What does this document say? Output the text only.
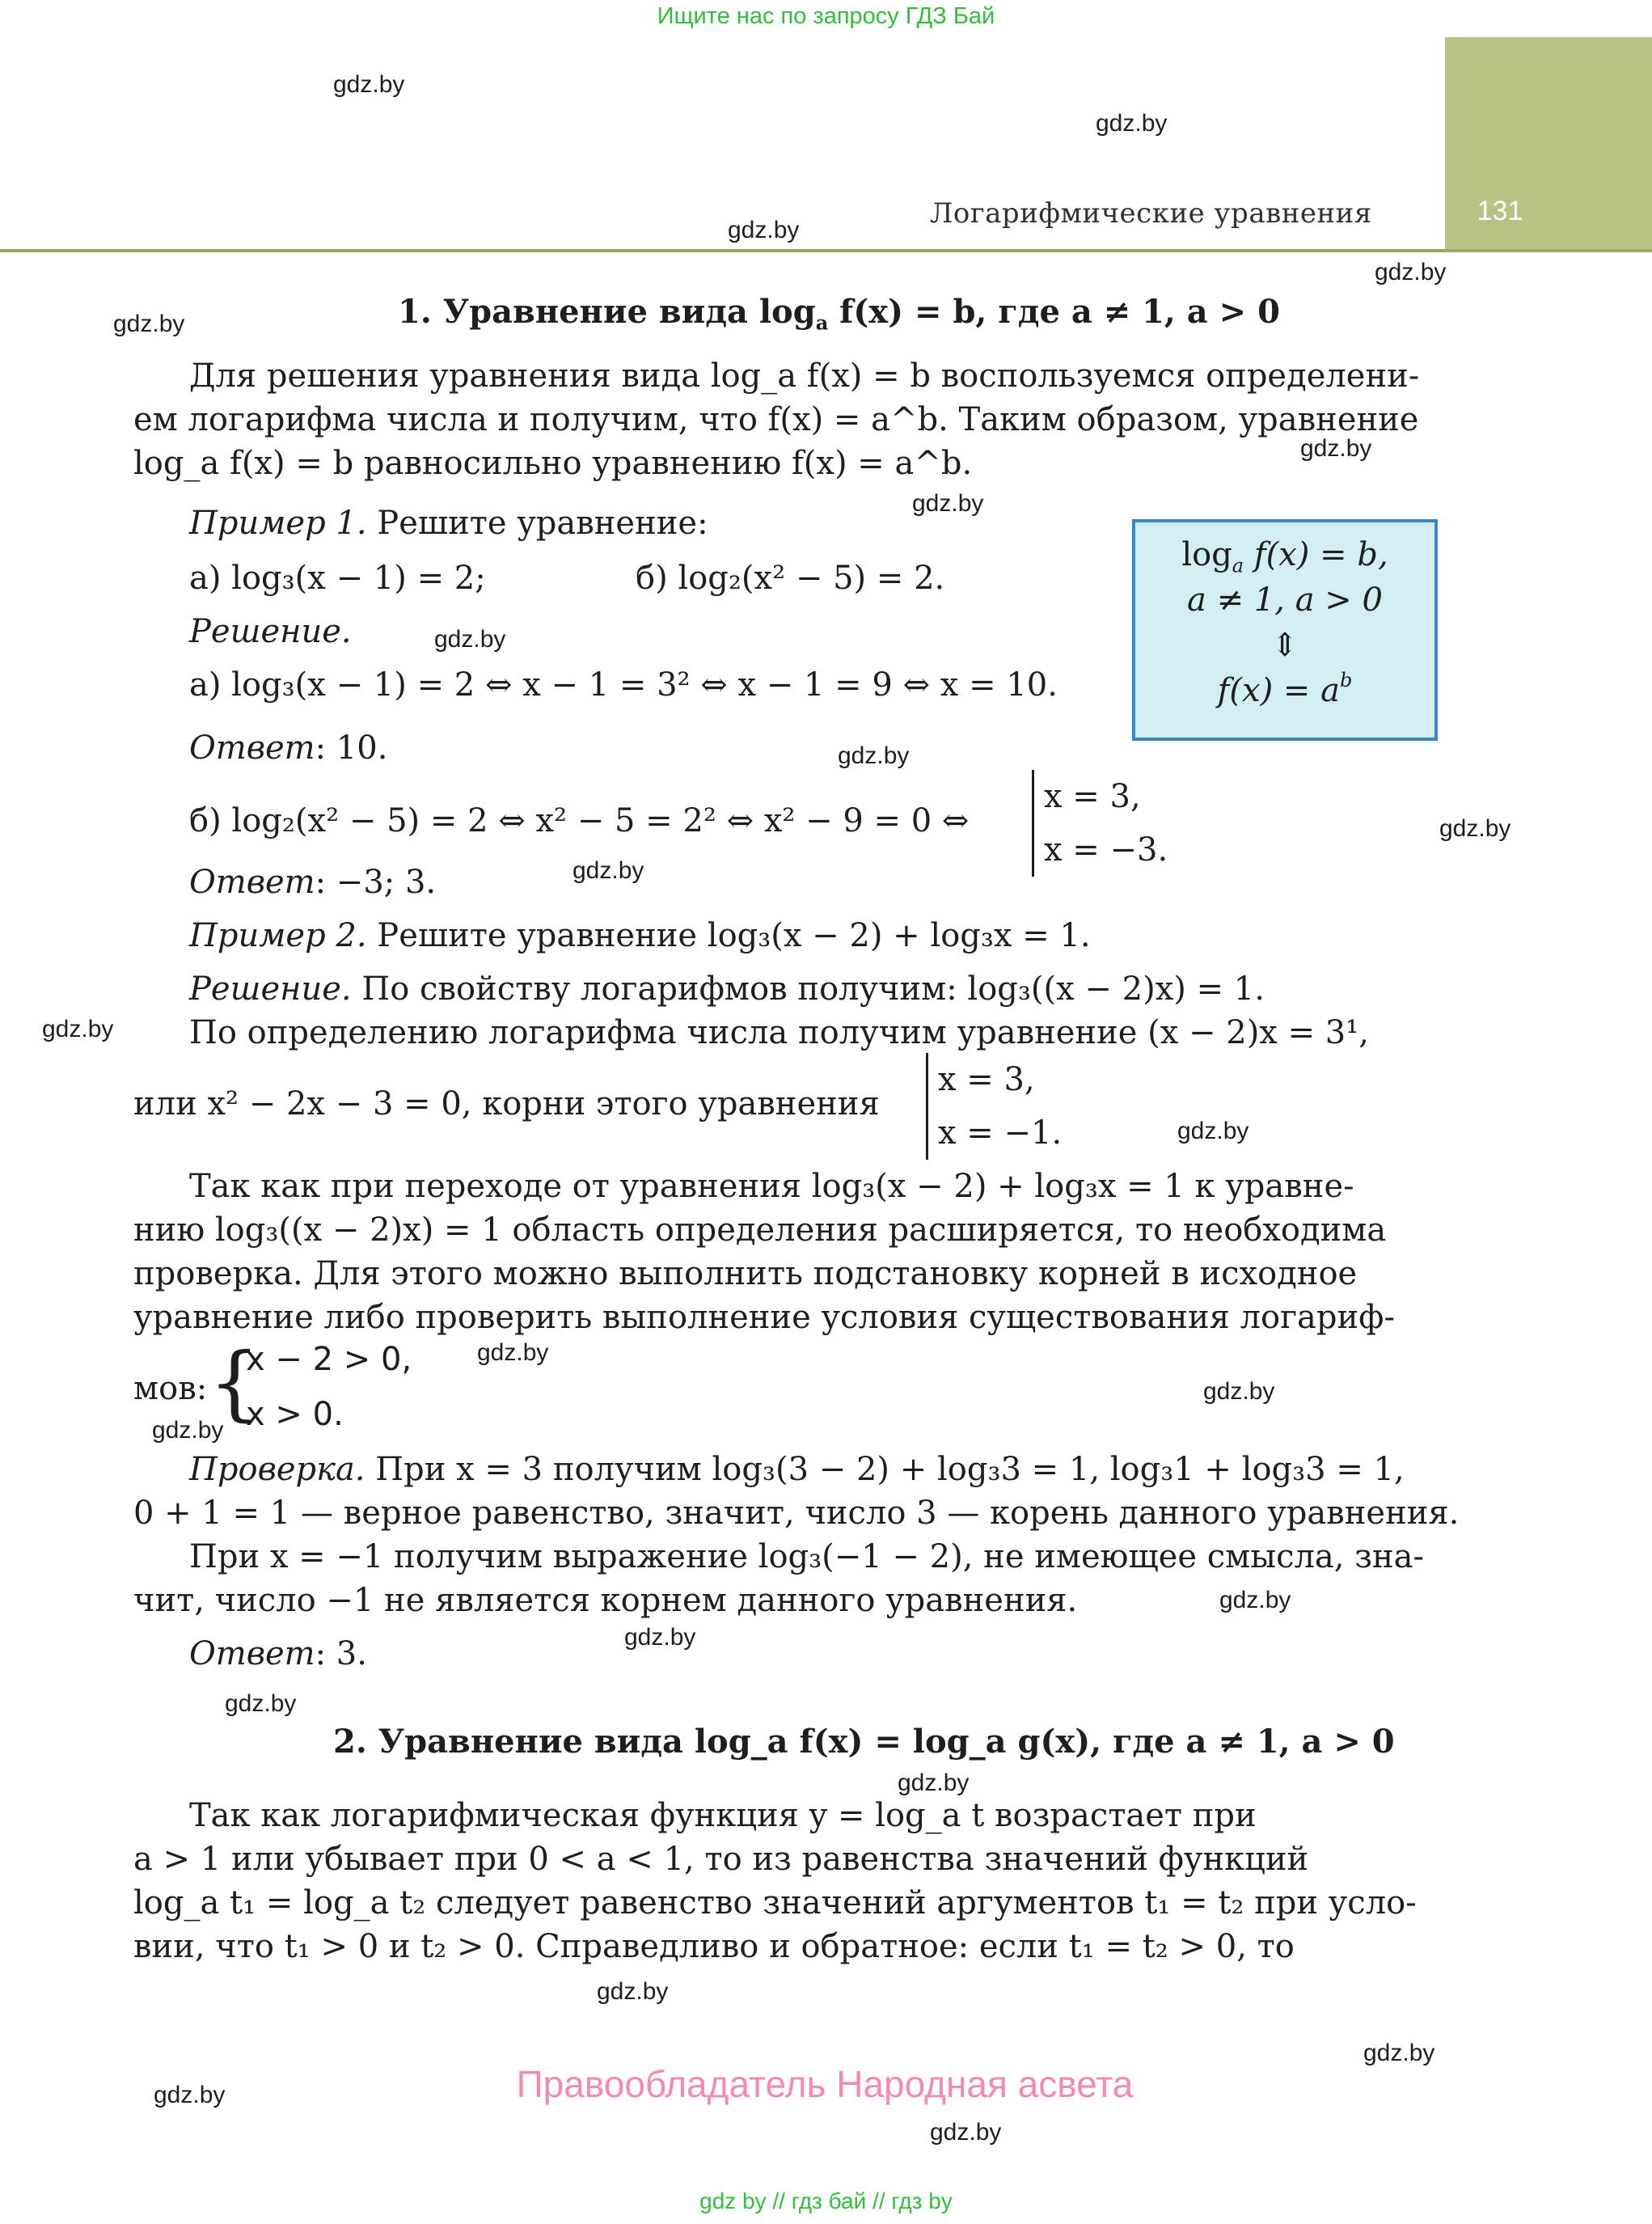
Ищите нас по запросу ГДЗ Бай
131
Логарифмические уравнения
gdz.by
gdz.by
gdz.by
gdz.by
gdz.by
gdz.by
gdz.by
gdz.by
gdz.by
gdz.by
gdz.by
gdz.by
gdz.by
gdz.by
gdz.by
gdz.by
gdz.by
gdz.by
gdz.by
gdz.by
gdz.by
gdz.by
gdz.by
gdz.by
1. Уравнение вида $\log_a f(x) = b$, где a ≠ 1, a > 0
Для решения уравнения вида log_a f(x) = b воспользуемся определени-
ем логарифма числа и получим, что f(x) = a^b. Таким образом, уравнение
log_a f(x) = b равносильно уравнению f(x) = a^b.
$\log_a f(x) = b$,
a ≠ 1, a > 0
⇕
$f(x) = a^b$
Пример 1. Решите уравнение:
а) log₃(x − 1) = 2;	б) log₂(x² − 5) = 2.
Решение.
а) log₃(x − 1) = 2 ⇔ x − 1 = 3² ⇔ x − 1 = 9 ⇔ x = 10.
Ответ: 10.
б) log₂(x² − 5) = 2 ⇔ x² − 5 = 2² ⇔ x² − 9 = 0 ⇔
x = 3,
x = −3.
Ответ: −3; 3.
Пример 2. Решите уравнение log₃(x − 2) + log₃x = 1.
Решение. По свойству логарифмов получим: log₃((x − 2)x) = 1.
По определению логарифма числа получим уравнение (x − 2)x = 3¹,
или x² − 2x − 3 = 0, корни этого уравнения
x = 3,
x = −1.
Так как при переходе от уравнения log₃(x − 2) + log₃x = 1 к уравне-
нию log₃((x − 2)x) = 1 область определения расширяется, то необходима
проверка. Для этого можно выполнить подстановку корней в исходное
уравнение либо проверить выполнение условия существования логариф-
мов: {
x − 2 > 0,
x > 0.
Проверка. При x = 3 получим log₃(3 − 2) + log₃3 = 1, log₃1 + log₃3 = 1,
0 + 1 = 1 — верное равенство, значит, число 3 — корень данного уравнения.
При x = −1 получим выражение log₃(−1 − 2), не имеющее смысла, зна-
чит, число −1 не является корнем данного уравнения.
Ответ: 3.
2. Уравнение вида log_a f(x) = log_a g(x), где a ≠ 1, a > 0
Так как логарифмическая функция y = log_a t возрастает при
a > 1 или убывает при 0 < a < 1, то из равенства значений функций
log_a t₁ = log_a t₂ следует равенство значений аргументов t₁ = t₂ при усло-
вии, что t₁ > 0 и t₂ > 0. Справедливо и обратное: если t₁ = t₂ > 0, то
Правообладатель Народная асвета
gdz by // гдз бай // гдз by
